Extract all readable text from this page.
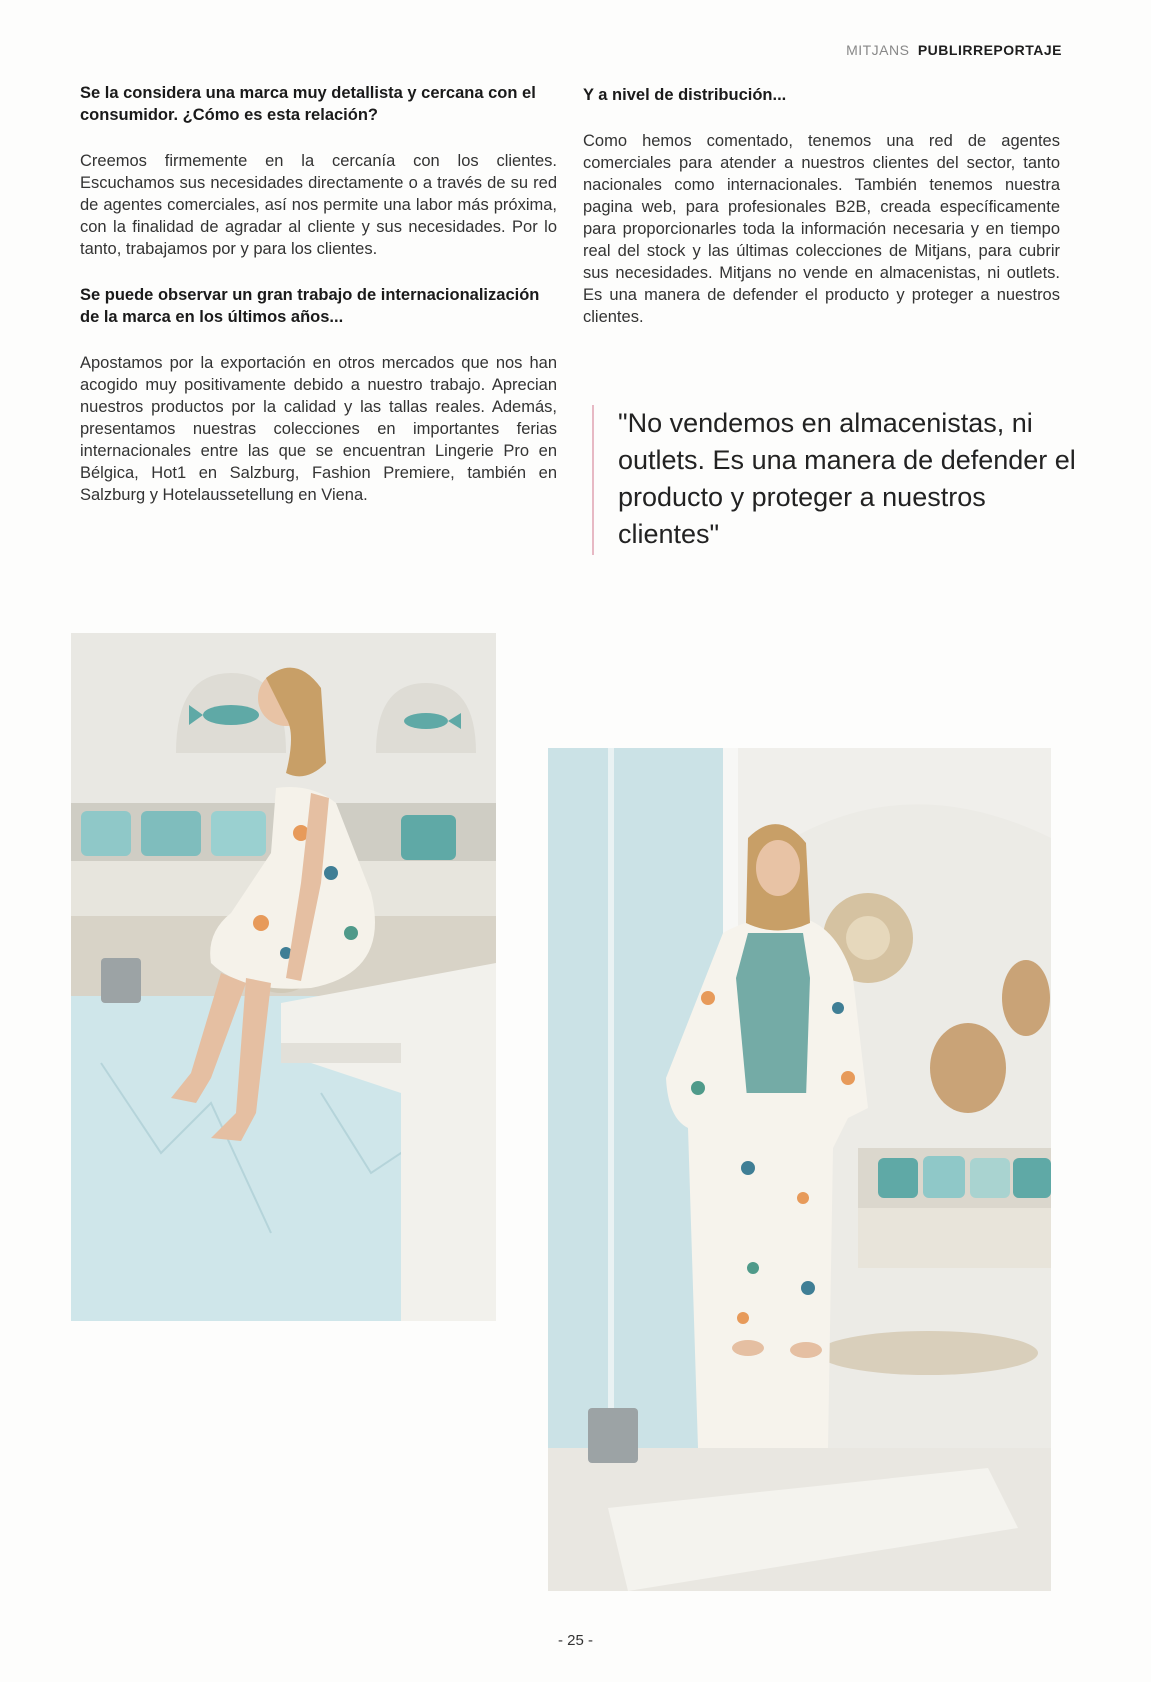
MITJANS PUBLIRREPORTAJE

Se la considera una marca muy detallista y cercana con el consumidor. ¿Cómo es esta relación?

Creemos firmemente en la cercanía con los clientes. Escuchamos sus necesidades directamente o a través de su red de agentes comerciales, así nos permite una labor más próxima, con la finalidad de agradar al cliente y sus necesidades. Por lo tanto, trabajamos por y para los clientes.

Se puede observar un gran trabajo de internacionalización de la marca en los últimos años...

Apostamos por la exportación en otros mercados que nos han acogido muy positivamente debido a nuestro trabajo. Aprecian nuestros productos por la calidad y las tallas reales. Además, presentamos nuestras colecciones en importantes ferias internacionales entre las que se encuentran Lingerie Pro en Bélgica, Hot1 en Salzburg, Fashion Premiere, también en Salzburg y Hotelaussetellung en Viena.

Y a nivel de distribución...

Como hemos comentado, tenemos una red de agentes comerciales para atender a nuestros clientes del sector, tanto nacionales como internacionales. También tenemos nuestra pagina web, para profesionales B2B, creada específicamente para proporcionarles toda la información necesaria y en tiempo real del stock y las últimas colecciones de Mitjans, para cubrir sus necesidades. Mitjans no vende en almacenistas, ni outlets. Es una manera de defender el producto y proteger a nuestros clientes.

"No vendemos en almacenistas, ni outlets. Es una manera de defender el producto y proteger a nuestros clientes"
- 25 -
